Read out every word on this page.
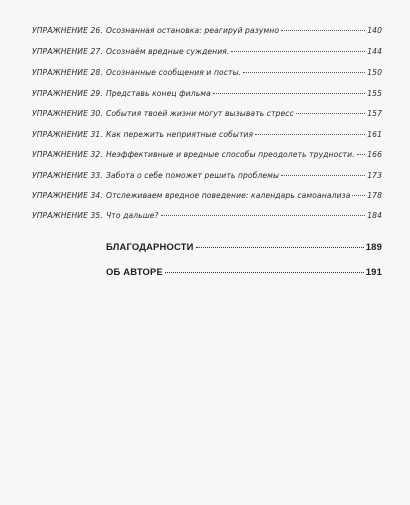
УПРАЖНЕНИЕ 26. Осознанная остановка: реагируй разумно	140
УПРАЖНЕНИЕ 27. Осознаём вредные суждения.	144
УПРАЖНЕНИЕ 28. Осознанные сообщения и посты.	150
УПРАЖНЕНИЕ 29. Представь конец фильма	155
УПРАЖНЕНИЕ 30. События твоей жизни могут вызывать стресс	157
УПРАЖНЕНИЕ 31. Как пережить неприятные события	161
УПРАЖНЕНИЕ 32. Неэффективные и вредные способы преодолеть трудности. 166
УПРАЖНЕНИЕ 33. Забота о себе поможет решить проблемы	173
УПРАЖНЕНИЕ 34. Отслеживаем вредное поведение: календарь самоанализа 178
УПРАЖНЕНИЕ 35. Что дальше?	184
БЛАГОДАРНОСТИ	189
ОБ АВТОРЕ	191
